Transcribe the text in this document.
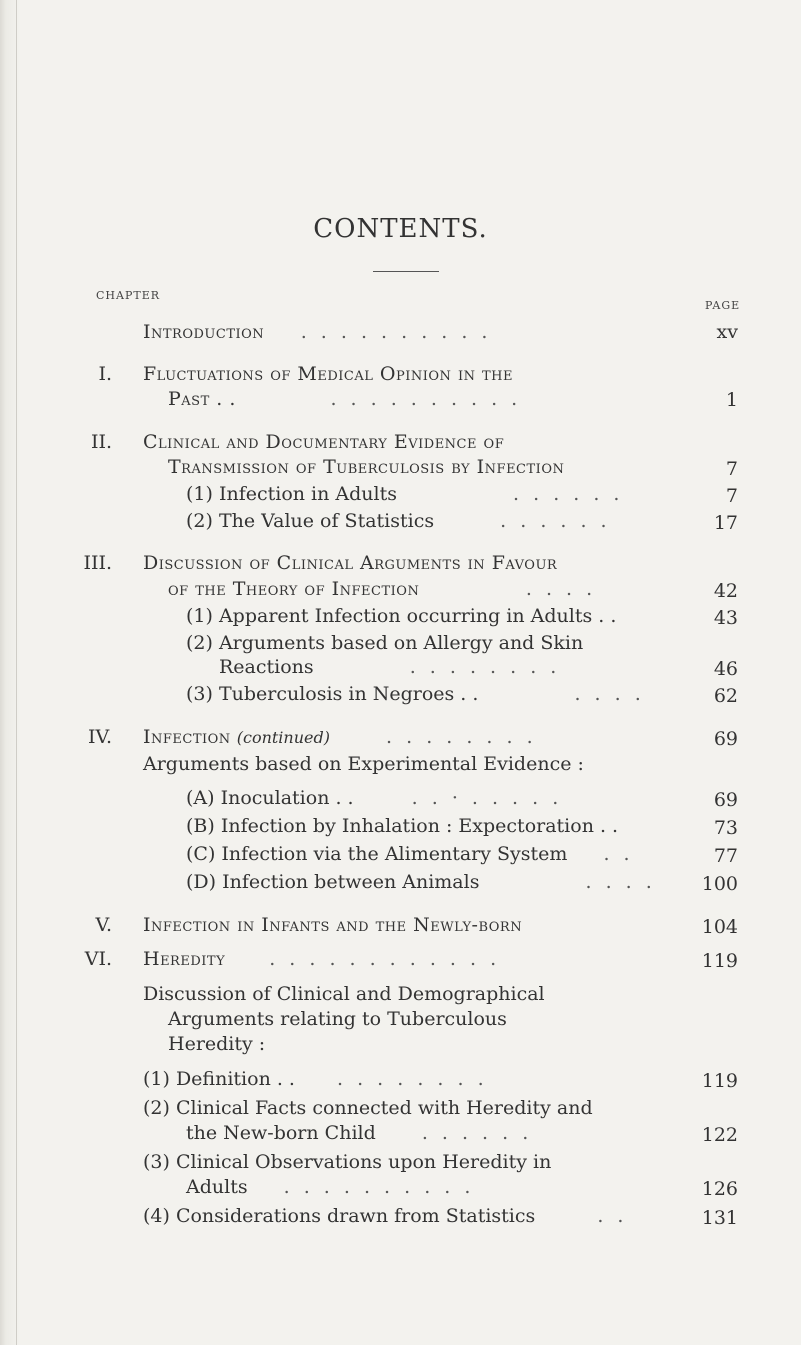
CONTENTS.
CHAPTER
PAGE
Introduction . . . . . . . . . .	xv
I. Fluctuations of Medical Opinion in the
Past . .	. . . . . . . . . .	1
II. Clinical and Documentary Evidence of
Transmission of Tuberculosis by Infection	7
(1) Infection in Adults	. . . . . .	7
(2) The Value of Statistics	. . . . . .	17
III. Discussion of Clinical Arguments in Favour
of the Theory of Infection	. . . .	42
(1) Apparent Infection occurring in Adults . .	43
(2) Arguments based on Allergy and Skin
Reactions	. . . . . . . .	46
(3) Tuberculosis in Negroes . .	. . . .	62
IV. Infection (continued)	. . . . . . . .	69
Arguments based on Experimental Evidence :
(A) Inoculation . .	. . · . . . . .	69
(B) Infection by Inhalation : Expectoration . .	73
(C) Infection via the Alimentary System . .	77
(D) Infection between Animals	. . . .	100
V. Infection in Infants and the Newly-born	104
VI. Heredity . . . . . . . . . . . .	119
Discussion of Clinical and Demographical
Arguments relating to Tuberculous
Heredity :
(1) Definition . . . . . . . . . .	119
(2) Clinical Facts connected with Heredity and
the New-born Child . . . . . .	122
(3) Clinical Observations upon Heredity in
Adults . . . . . . . . . .	126
(4) Considerations drawn from Statistics	. .	131
